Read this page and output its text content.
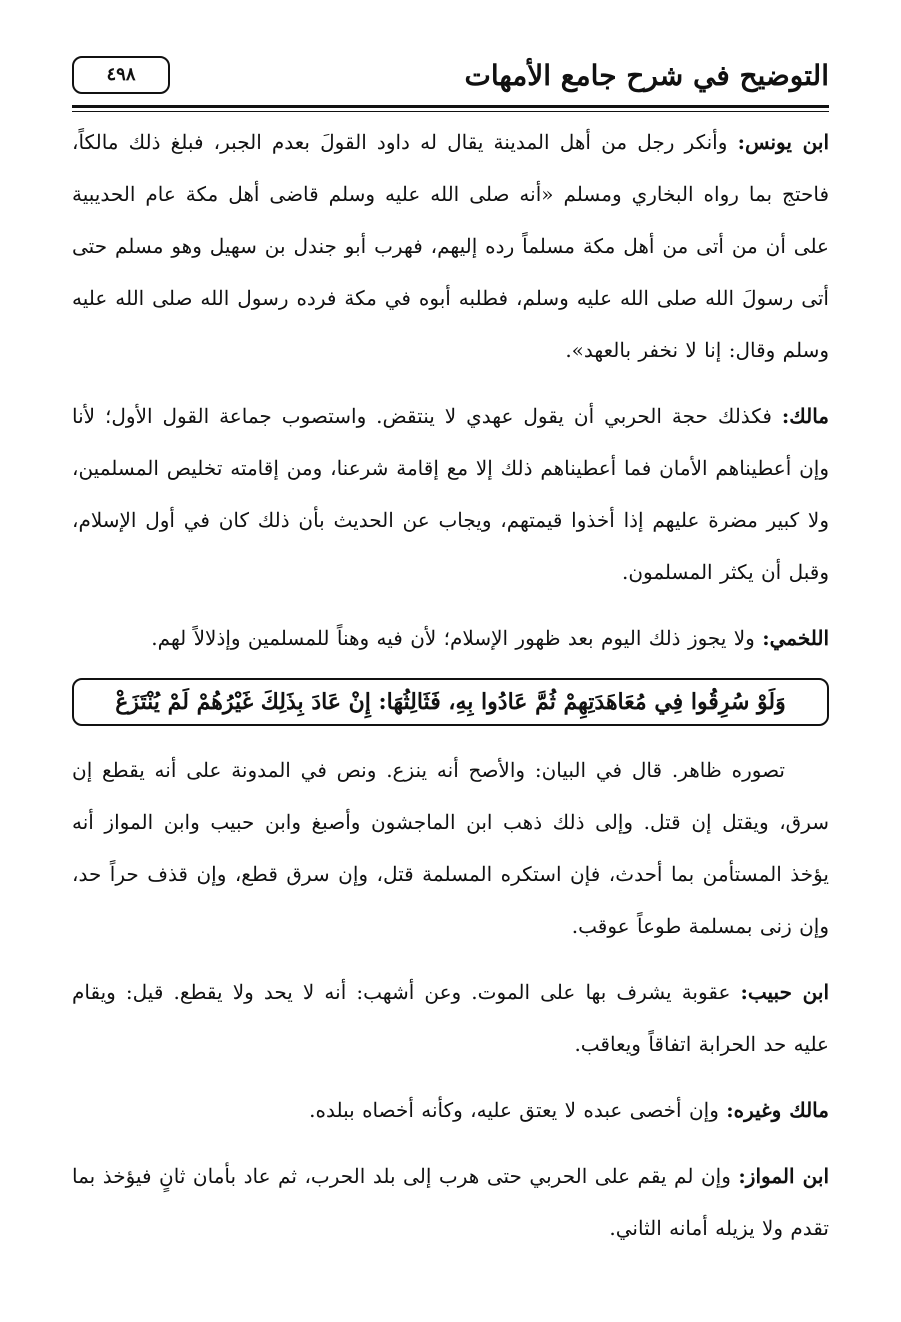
التوضيح في شرح جامع الأمهات
٤٩٨

ابن يونس: وأنكر رجل من أهل المدينة يقال له داود القولَ بعدم الجبر، فبلغ ذلك مالكاً، فاحتج بما رواه البخاري ومسلم «أنه صلى الله عليه وسلم قاضى أهل مكة عام الحديبية على أن من أتى من أهل مكة مسلماً رده إليهم، فهرب أبو جندل بن سهيل وهو مسلم حتى أتى رسولَ الله صلى الله عليه وسلم، فطلبه أبوه في مكة فرده رسول الله صلى الله عليه وسلم وقال: إنا لا نخفر بالعهد».

مالك: فكذلك حجة الحربي أن يقول عهدي لا ينتقض. واستصوب جماعة القول الأول؛ لأنا وإن أعطيناهم الأمان فما أعطيناهم ذلك إلا مع إقامة شرعنا، ومن إقامته تخليص المسلمين، ولا كبير مضرة عليهم إذا أخذوا قيمتهم، ويجاب عن الحديث بأن ذلك كان في أول الإسلام، وقبل أن يكثر المسلمون.

اللخمي: ولا يجوز ذلك اليوم بعد ظهور الإسلام؛ لأن فيه وهناً للمسلمين وإذلالاً لهم.

وَلَوْ سُرِقُوا فِي مُعَاهَدَتِهِمْ ثُمَّ عَادُوا بِهِ، فَثَالِثُهَا: إِنْ عَادَ بِذَلِكَ غَيْرُهُمْ لَمْ يُنْتَزَعْ

تصوره ظاهر. قال في البيان: والأصح أنه ينزع. ونص في المدونة على أنه يقطع إن سرق، ويقتل إن قتل. وإلى ذلك ذهب ابن الماجشون وأصبغ وابن حبيب وابن المواز أنه يؤخذ المستأمن بما أحدث، فإن استكره المسلمة قتل، وإن سرق قطع، وإن قذف حراً حد، وإن زنى بمسلمة طوعاً عوقب.

ابن حبيب: عقوبة يشرف بها على الموت. وعن أشهب: أنه لا يحد ولا يقطع. قيل: ويقام عليه حد الحرابة اتفاقاً ويعاقب.

مالك وغيره: وإن أخصى عبده لا يعتق عليه، وكأنه أخصاه ببلده.

ابن المواز: وإن لم يقم على الحربي حتى هرب إلى بلد الحرب، ثم عاد بأمان ثانٍ فيؤخذ بما تقدم ولا يزيله أمانه الثاني.
